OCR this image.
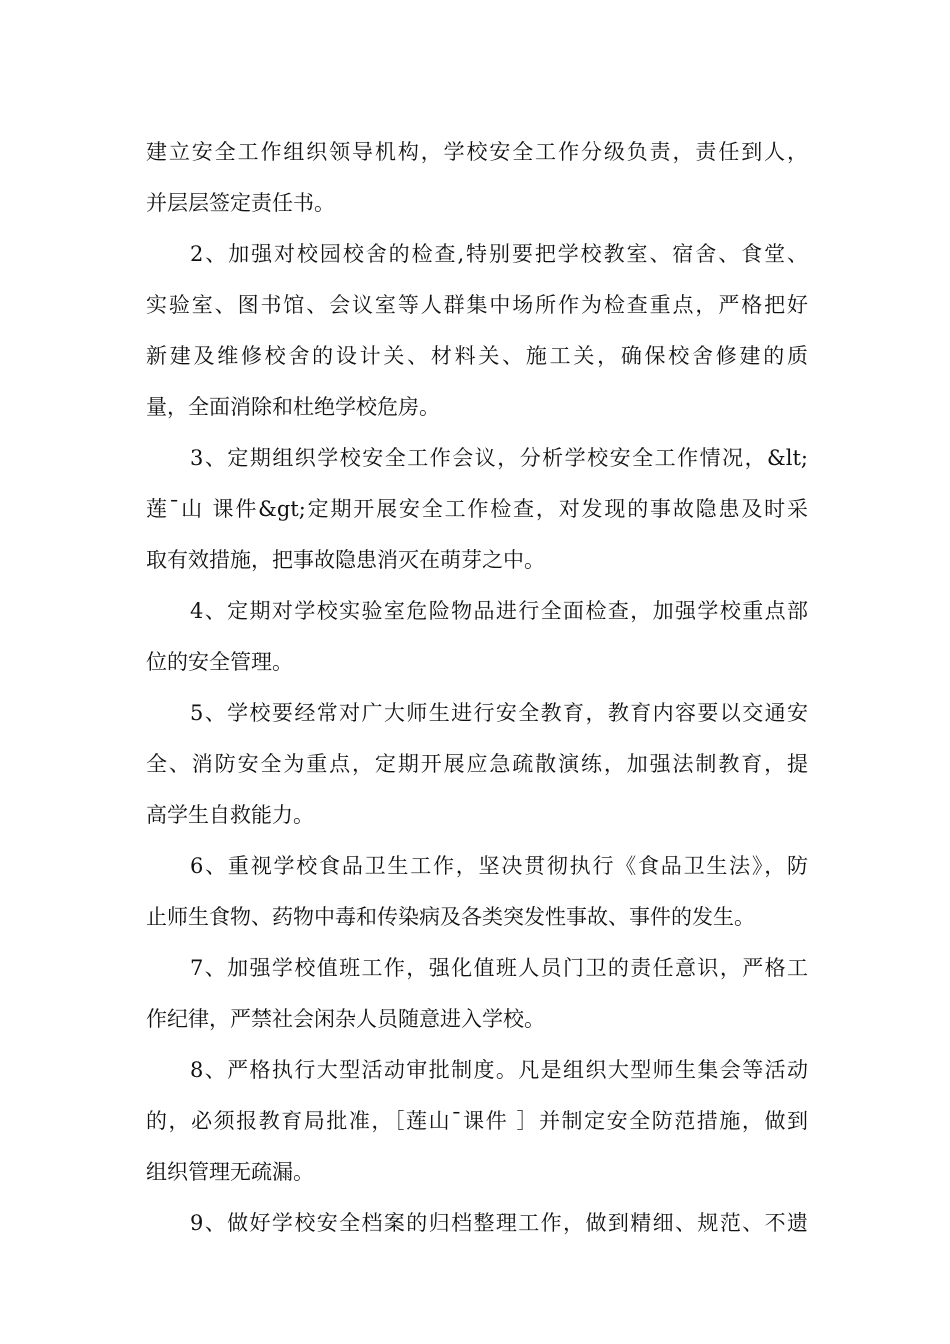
建立安全工作组织领导机构，学校安全工作分级负责，责任到人，
并层层签定责任书。
2、加强对校园校舍的检查,特别要把学校教室、宿舍、食堂、
实验室、图书馆、会议室等人群集中场所作为检查重点，严格把好
新建及维修校舍的设计关、材料关、施工关，确保校舍修建的质
量，全面消除和杜绝学校危房。
3、定期组织学校安全工作会议，分析学校安全工作情况，&lt;
莲¯山 课件&gt;定期开展安全工作检查，对发现的事故隐患及时采
取有效措施，把事故隐患消灭在萌芽之中。
4、定期对学校实验室危险物品进行全面检查，加强学校重点部
位的安全管理。
5、学校要经常对广大师生进行安全教育，教育内容要以交通安
全、消防安全为重点，定期开展应急疏散演练，加强法制教育，提
高学生自救能力。
6、重视学校食品卫生工作，坚决贯彻执行《食品卫生法》，防
止师生食物、药物中毒和传染病及各类突发性事故、事件的发生。
7、加强学校值班工作，强化值班人员门卫的责任意识，严格工
作纪律，严禁社会闲杂人员随意进入学校。
8、严格执行大型活动审批制度。凡是组织大型师生集会等活动
的，必须报教育局批准，［莲山¯课件 ］并制定安全防范措施，做到
组织管理无疏漏。
9、做好学校安全档案的归档整理工作，做到精细、规范、不遗
